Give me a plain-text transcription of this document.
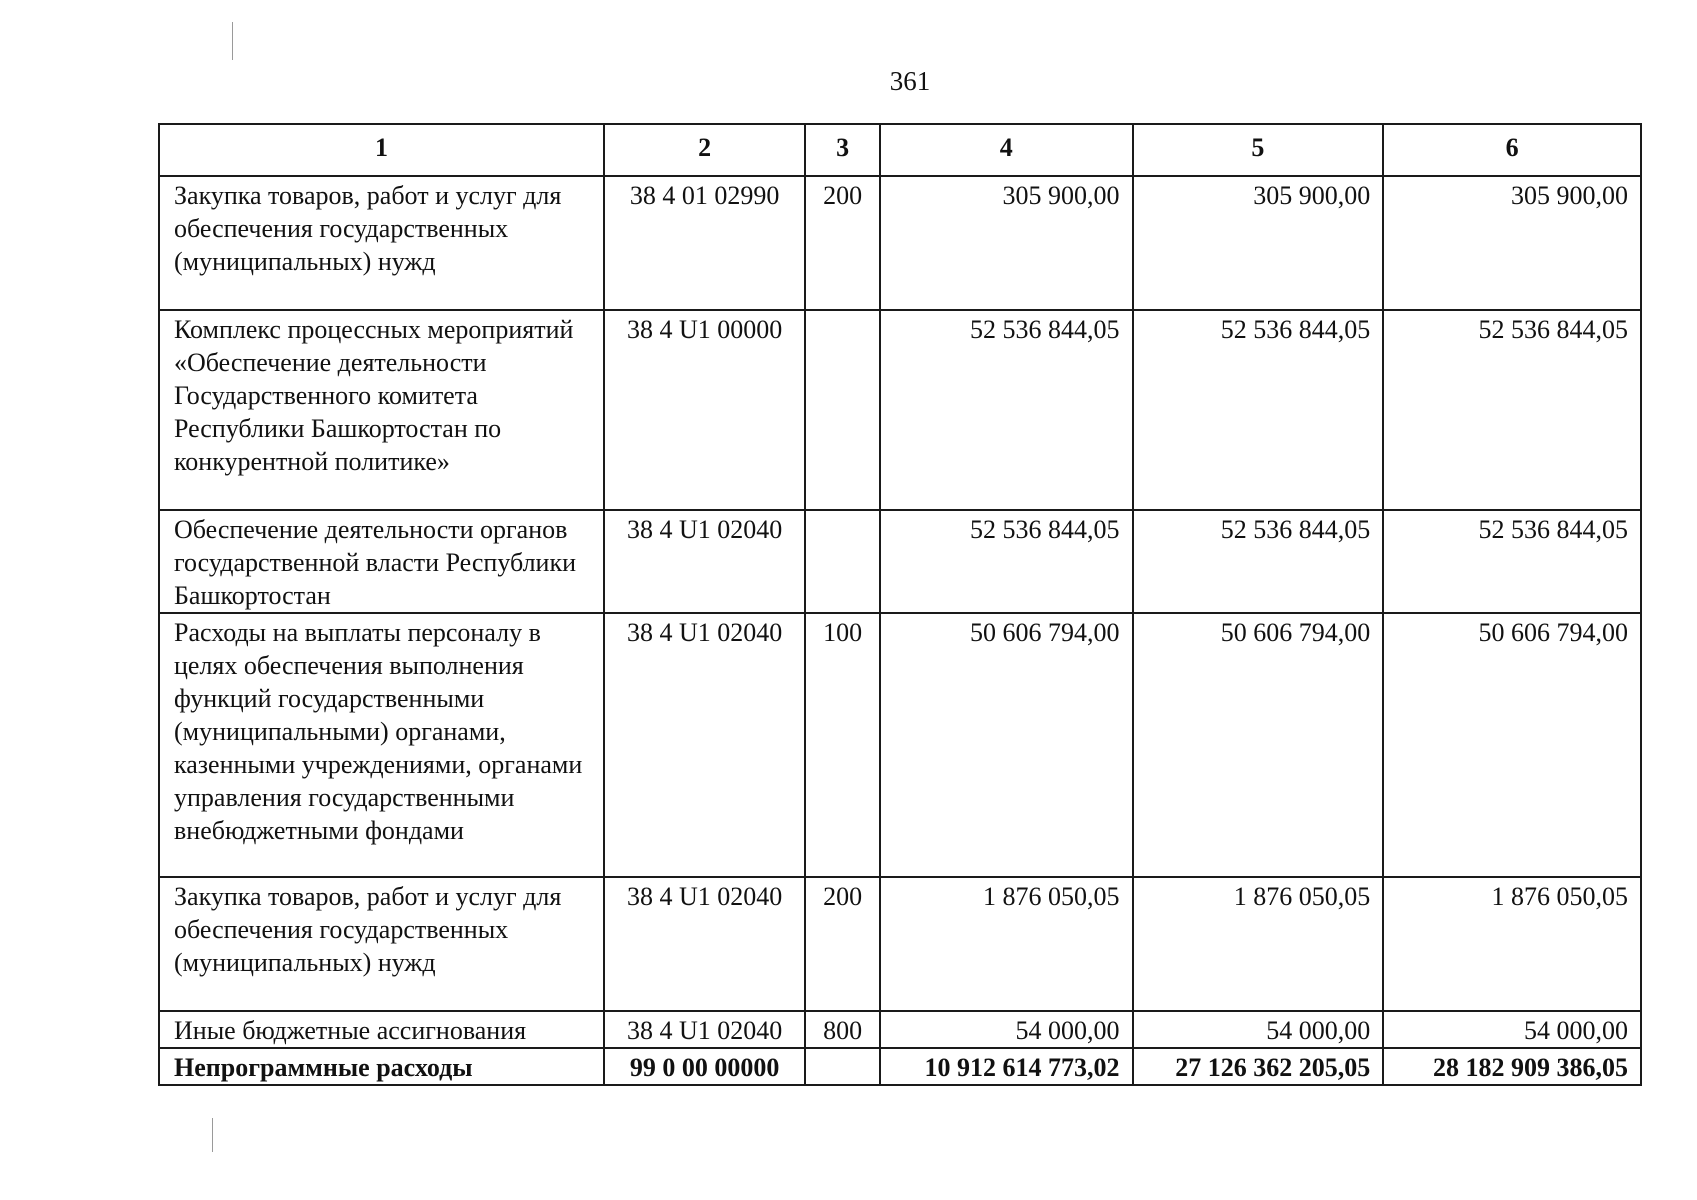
361
1	2	3	4	5	6
Закупка товаров, работ и услуг для обеспечения государственных (муниципальных) нужд	38 4 01 02990	200	305 900,00	305 900,00	305 900,00
Комплекс процессных мероприятий «Обеспечение деятельности Государственного комитета Республики Башкортостан по конкурентной политике»	38 4 U1 00000		52 536 844,05	52 536 844,05	52 536 844,05
Обеспечение деятельности органов государственной власти Республики Башкортостан	38 4 U1 02040		52 536 844,05	52 536 844,05	52 536 844,05
Расходы на выплаты персоналу в целях обеспечения выполнения функций государственными (муниципальными) органами, казенными учреждениями, органами управления государственными внебюджетными фондами	38 4 U1 02040	100	50 606 794,00	50 606 794,00	50 606 794,00
Закупка товаров, работ и услуг для обеспечения государственных (муниципальных) нужд	38 4 U1 02040	200	1 876 050,05	1 876 050,05	1 876 050,05
Иные бюджетные ассигнования	38 4 U1 02040	800	54 000,00	54 000,00	54 000,00
Непрограммные расходы	99 0 00 00000		10 912 614 773,02	27 126 362 205,05	28 182 909 386,05
